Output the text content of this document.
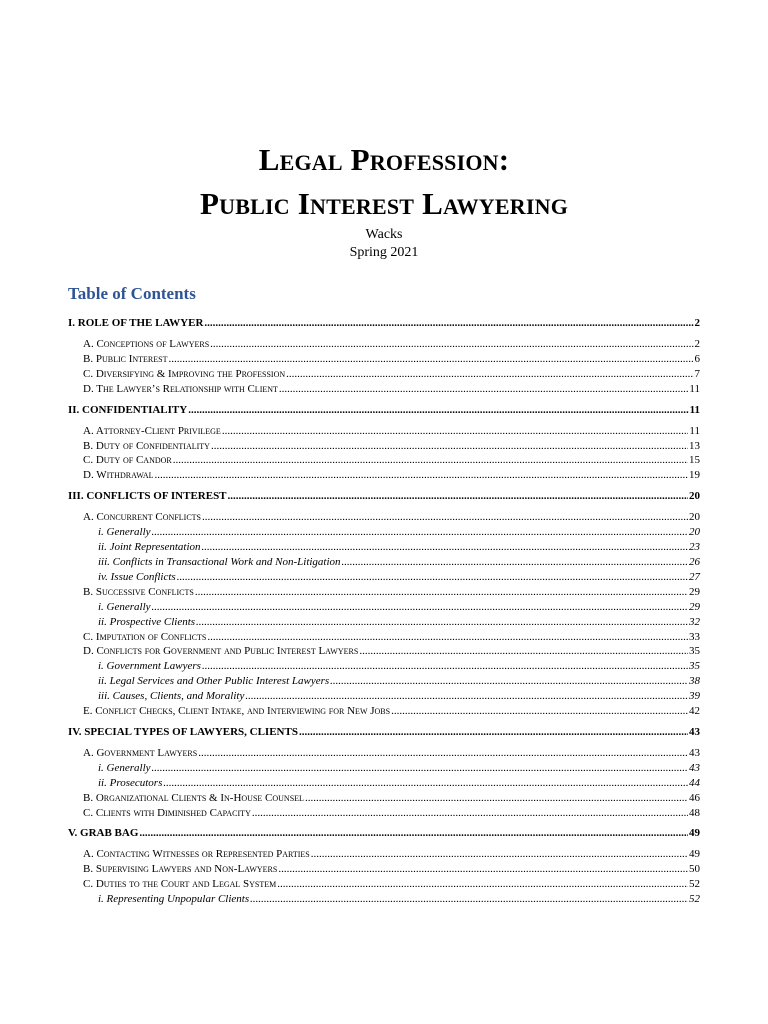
Legal Profession:
Public Interest Lawyering
Wacks
Spring 2021
Table of Contents
I. ROLE OF THE LAWYER .....	2
A. Conceptions of Lawyers .....	2
B. Public Interest .....	6
C. Diversifying & Improving the Profession .....	7
D. The Lawyer’s Relationship with Client .....	11
II. CONFIDENTIALITY .....	11
A. Attorney-Client Privilege .....	11
B. Duty of Confidentiality .....	13
C. Duty of Candor .....	15
D. Withdrawal .....	19
III. CONFLICTS OF INTEREST .....	20
A. Concurrent Conflicts .....	20
i. Generally .....	20
ii. Joint Representation .....	23
iii. Conflicts in Transactional Work and Non-Litigation .....	26
iv. Issue Conflicts .....	27
B. Successive Conflicts .....	29
i. Generally .....	29
ii. Prospective Clients .....	32
C. Imputation of Conflicts .....	33
D. Conflicts for Government and Public Interest Lawyers .....	35
i. Government Lawyers .....	35
ii. Legal Services and Other Public Interest Lawyers .....	38
iii. Causes, Clients, and Morality .....	39
E. Conflict Checks, Client Intake, and Interviewing for New Jobs .....	42
IV. SPECIAL TYPES OF LAWYERS, CLIENTS .....	43
A. Government Lawyers .....	43
i. Generally .....	43
ii. Prosecutors .....	44
B. Organizational Clients & In-House Counsel .....	46
C. Clients with Diminished Capacity .....	48
V. GRAB BAG .....	49
A. Contacting Witnesses or Represented Parties .....	49
B. Supervising Lawyers and Non-Lawyers .....	50
C. Duties to the Court and Legal System .....	52
i. Representing Unpopular Clients .....	52
